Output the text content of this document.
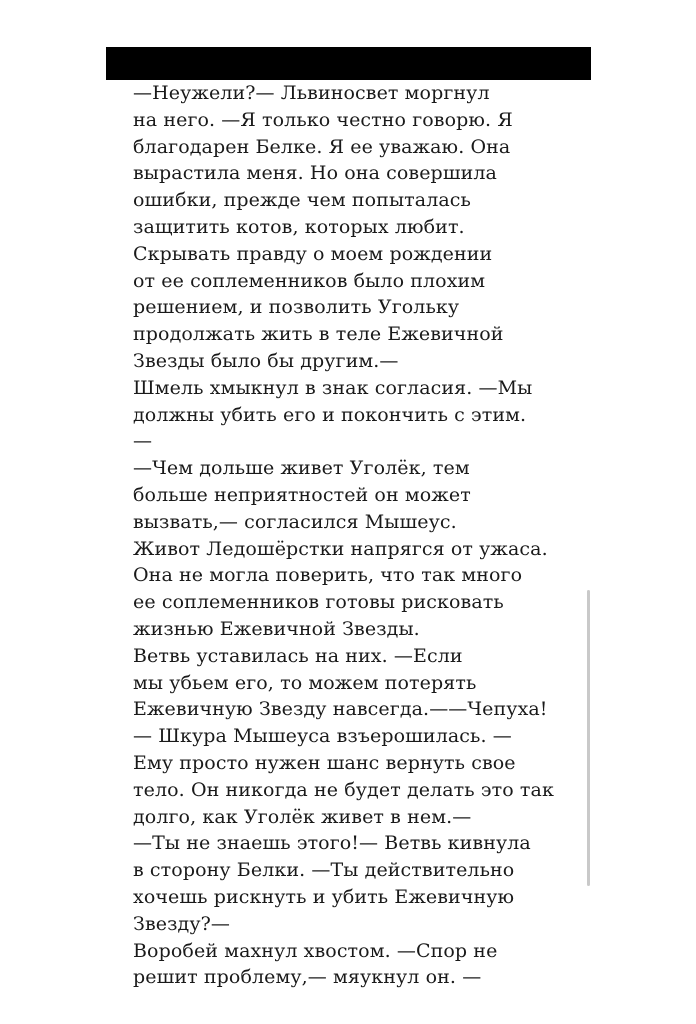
—Неужели?— Львиносвет моргнул
на него. —Я только честно говорю. Я
благодарен Белке. Я ее уважаю. Она
вырастила меня. Но она совершила
ошибки, прежде чем попыталась
защитить котов, которых любит.
Скрывать правду о моем рождении
от ее соплеменников было плохим
решением, и позволить Угольку
продолжать жить в теле Ежевичной
Звезды было бы другим.—
Шмель хмыкнул в знак согласия. —Мы
должны убить его и покончить с этим.
—
—Чем дольше живет Уголёк, тем
больше неприятностей он может
вызвать,— согласился Мышеус.
Живот Ледошёрстки напрягся от ужаса.
Она не могла поверить, что так много
ее соплеменников готовы рисковать
жизнью Ежевичной Звезды.
Ветвь уставилась на них. —Если
мы убьем его, то можем потерять
Ежевичную Звезду навсегда.——Чепуха!
— Шкура Мышеуса взъерошилась. —
Ему просто нужен шанс вернуть свое
тело. Он никогда не будет делать это так
долго, как Уголёк живет в нем.—
—Ты не знаешь этого!— Ветвь кивнула
в сторону Белки. —Ты действительно
хочешь рискнуть и убить Ежевичную
Звезду?—
Воробей махнул хвостом. —Спор не
решит проблему,— мяукнул он. —
